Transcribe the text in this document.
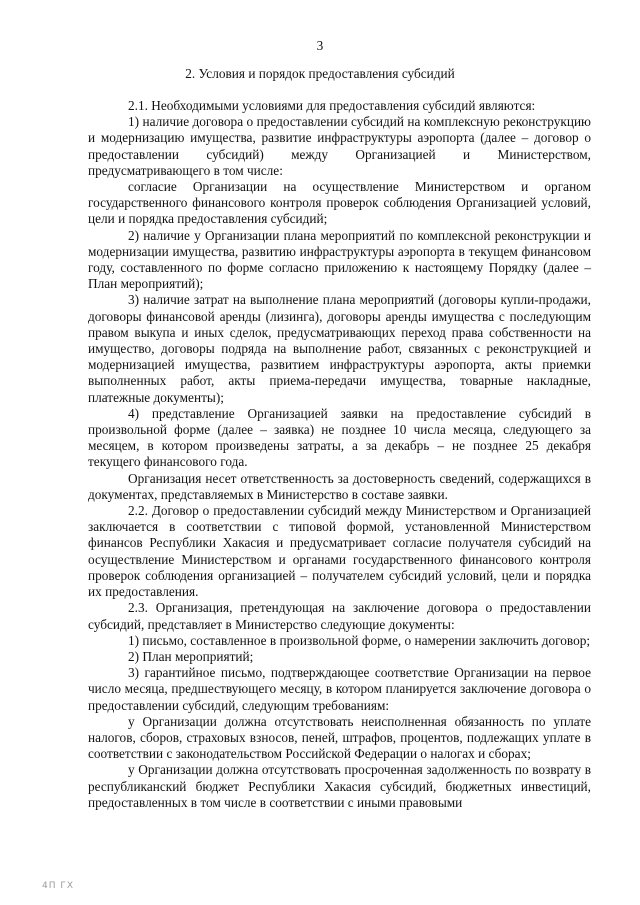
3
2. Условия и порядок предоставления субсидий

2.1. Необходимыми условиями для предоставления субсидий являются:

1) наличие договора о предоставлении субсидий на комплексную реконструкцию и модернизацию имущества, развитие инфраструктуры аэропорта (далее – договор о предоставлении субсидий) между Организацией и Министерством, предусматривающего в том числе:

согласие Организации на осуществление Министерством и органом государственного финансового контроля проверок соблюдения Организацией условий, цели и порядка предоставления субсидий;

2) наличие у Организации плана мероприятий по комплексной реконструкции и модернизации имущества, развитию инфраструктуры аэропорта в текущем финансовом году, составленного по форме согласно приложению к настоящему Порядку (далее – План мероприятий);

3) наличие затрат на выполнение плана мероприятий (договоры купли-продажи, договоры финансовой аренды (лизинга), договоры аренды имущества с последующим правом выкупа и иных сделок, предусматривающих переход права собственности на имущество, договоры подряда на выполнение работ, связанных с реконструкцией и модернизацией имущества, развитием инфраструктуры аэропорта, акты приемки выполненных работ, акты приема-передачи имущества, товарные накладные, платежные документы);

4) представление Организацией заявки на предоставление субсидий в произвольной форме (далее – заявка) не позднее 10 числа месяца, следующего за месяцем, в котором произведены затраты, а за декабрь – не позднее 25 декабря текущего финансового года.

Организация несет ответственность за достоверность сведений, содержащихся в документах, представляемых в Министерство в составе заявки.

2.2. Договор о предоставлении субсидий между Министерством и Организацией заключается в соответствии с типовой формой, установленной Министерством финансов Республики Хакасия и предусматривает согласие получателя субсидий на осуществление Министерством и органами государственного финансового контроля проверок соблюдения организацией – получателем субсидий условий, цели и порядка их предоставления.

2.3. Организация, претендующая на заключение договора о предоставлении субсидий, представляет в Министерство следующие документы:

1) письмо, составленное в произвольной форме, о намерении заключить договор;

2) План мероприятий;

3) гарантийное письмо, подтверждающее соответствие Организации на первое число месяца, предшествующего месяцу, в котором планируется заключение договора о предоставлении субсидий, следующим требованиям:

у Организации должна отсутствовать неисполненная обязанность по уплате налогов, сборов, страховых взносов, пеней, штрафов, процентов, подлежащих уплате в соответствии с законодательством Российской Федерации о налогах и сборах;

у Организации должна отсутствовать просроченная задолженность по возврату в республиканский бюджет Республики Хакасия субсидий, бюджетных инвестиций, предоставленных в том числе в соответствии с иными правовыми

4П ГХ
